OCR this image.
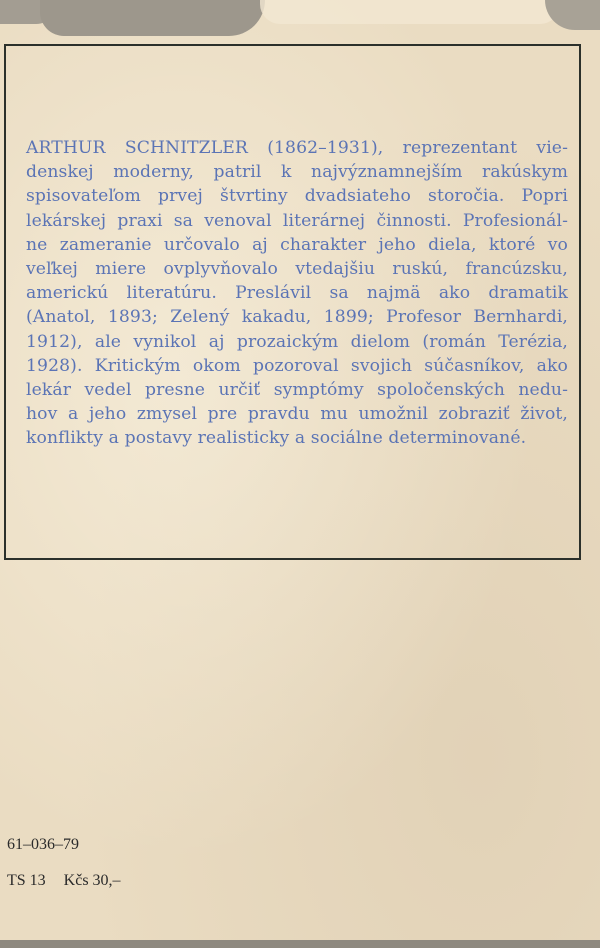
ARTHUR SCHNITZLER (1862–1931), reprezentant vie-
denskej moderny, patril k najvýznamnejším rakúskym
spisovateľom prvej štvrtiny dvadsiateho storočia. Popri
lekárskej praxi sa venoval literárnej činnosti. Profesionál-
ne zameranie určovalo aj charakter jeho diela, ktoré vo
veľkej miere ovplyvňovalo vtedajšiu ruskú, francúzsku,
americkú literatúru. Preslávil sa najmä ako dramatik
(Anatol, 1893; Zelený kakadu, 1899; Profesor Bernhardi,
1912), ale vynikol aj prozaickým dielom (román Terézia,
1928). Kritickým okom pozoroval svojich súčasníkov, ako
lekár vedel presne určiť symptómy spoločenských nedu-
hov a jeho zmysel pre pravdu mu umožnil zobraziť život,
konflikty a postavy realisticky a sociálne determinované.
61–036–79
TS 13 Kčs 30,–
